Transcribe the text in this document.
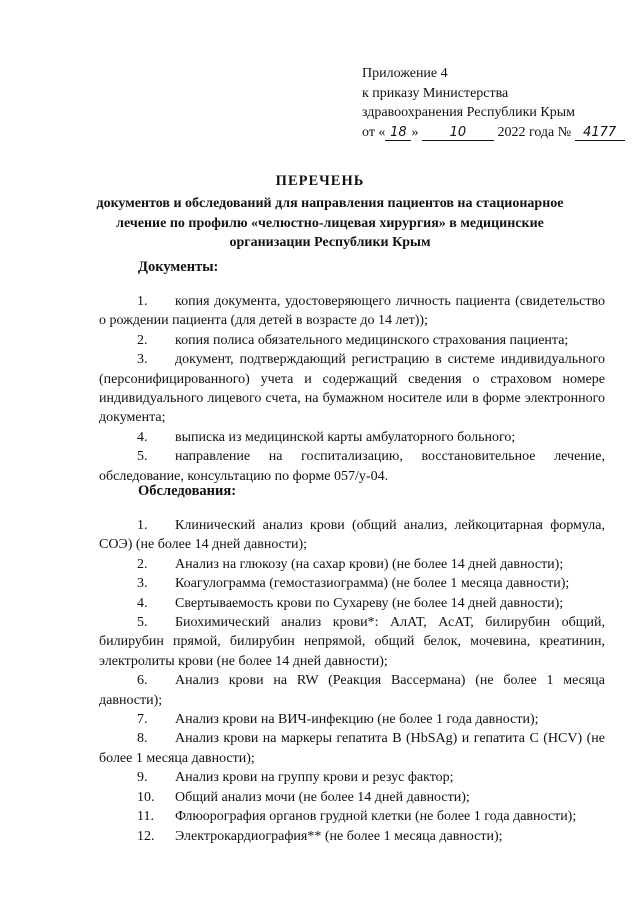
Приложение 4
к приказу Министерства
здравоохранения Республики Крым
от « 18 » 10 2022 года № 4177
ПЕРЕЧЕНЬ
документов и обследований для направления пациентов на стационарное лечение по профилю «челюстно-лицевая хирургия» в медицинские организации Республики Крым
Документы:

1. копия документа, удостоверяющего личность пациента (свидетельство о рождении пациента (для детей в возрасте до 14 лет));

2. копия полиса обязательного медицинского страхования пациента;

3. документ, подтверждающий регистрацию в системе индивидуального (персонифицированного) учета и содержащий сведения о страховом номере индивидуального лицевого счета, на бумажном носителе или в форме электронного документа;

4. выписка из медицинской карты амбулаторного больного;

5. направление на госпитализацию, восстановительное лечение, обследование, консультацию по форме 057/у-04.

Обследования:

1. Клинический анализ крови (общий анализ, лейкоцитарная формула, СОЭ) (не более 14 дней давности);

2. Анализ на глюкозу (на сахар крови) (не более 14 дней давности);

3. Коагулограмма (гемостазиограмма) (не более 1 месяца давности);

4. Свертываемость крови по Сухареву (не более 14 дней давности);

5. Биохимический анализ крови*: АлАТ, АсАТ, билирубин общий, билирубин прямой, билирубин непрямой, общий белок, мочевина, креатинин, электролиты крови (не более 14 дней давности);

6. Анализ крови на RW (Реакция Вассермана) (не более 1 месяца давности);

7. Анализ крови на ВИЧ-инфекцию (не более 1 года давности);

8. Анализ крови на маркеры гепатита В (HbSAg) и гепатита С (HCV) (не более 1 месяца давности);

9. Анализ крови на группу крови и резус фактор;

10. Общий анализ мочи (не более 14 дней давности);

11. Флюорография органов грудной клетки (не более 1 года давности);

12. Электрокардиография** (не более 1 месяца давности);
